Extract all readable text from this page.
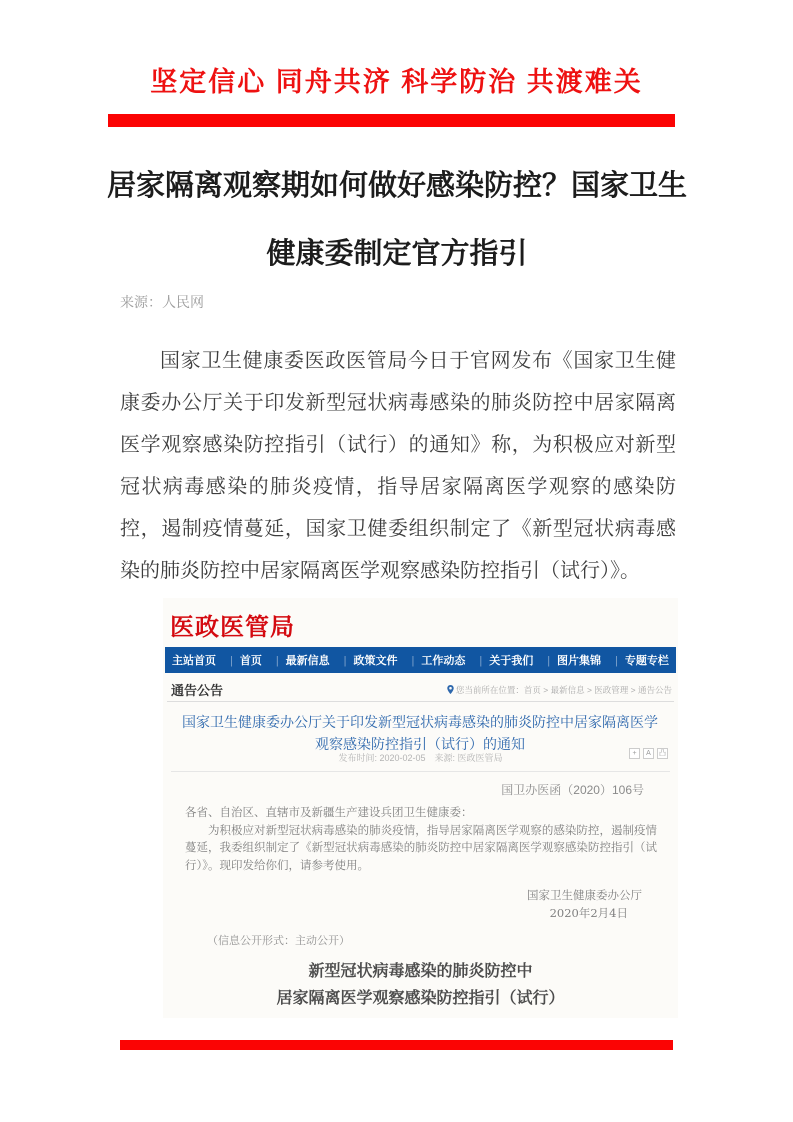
坚定信心 同舟共济 科学防治 共渡难关
居家隔离观察期如何做好感染防控？国家卫生健康委制定官方指引
来源：人民网

国家卫生健康委医政医管局今日于官网发布《国家卫生健康委办公厅关于印发新型冠状病毒感染的肺炎防控中居家隔离医学观察感染防控指引（试行）的通知》称，为积极应对新型冠状病毒感染的肺炎疫情，指导居家隔离医学观察的感染防控，遏制疫情蔓延，国家卫健委组织制定了《新型冠状病毒感染的肺炎防控中居家隔离医学观察感染防控指引（试行）》。

医政医管局
主站首页 |	首页 |	最新信息 |	政策文件 |	工作动态 |	关于我们 |	图片集锦 |	专题专栏
通告公告	您当前所在位置：首页 > 最新信息 > 医政管理 > 通告公告
国家卫生健康委办公厅关于印发新型冠状病毒感染的肺炎防控中居家隔离医学观察感染防控指引（试行）的通知
发布时间: 2020-02-05　来源: 医政医管局	+	A	凸
国卫办医函（2020）106号

各省、自治区、直辖市及新疆生产建设兵团卫生健康委：

为积极应对新型冠状病毒感染的肺炎疫情，指导居家隔离医学观察的感染防控，遏制疫情蔓延，我委组织制定了《新型冠状病毒感染的肺炎防控中居家隔离医学观察感染防控指引（试行）》。现印发给你们，请参考使用。

国家卫生健康委办公厅
2020年2月4日
（信息公开形式：主动公开）
新型冠状病毒感染的肺炎防控中
居家隔离医学观察感染防控指引（试行）
